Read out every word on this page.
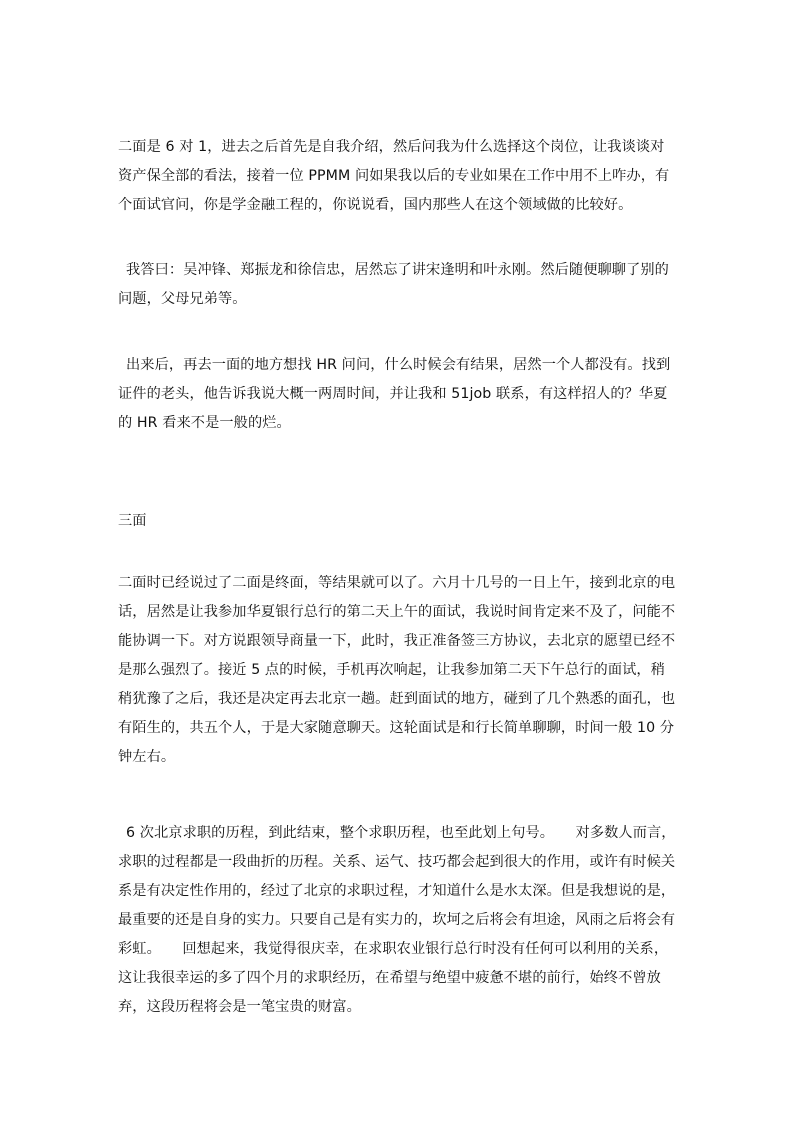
二面是 6 对 1，进去之后首先是自我介绍，然后问我为什么选择这个岗位，让我谈谈对资产保全部的看法，接着一位 PPMM 问如果我以后的专业如果在工作中用不上咋办，有个面试官问，你是学金融工程的，你说说看，国内那些人在这个领域做的比较好。

我答曰：吴冲锋、郑振龙和徐信忠，居然忘了讲宋逢明和叶永刚。然后随便聊聊了别的问题，父母兄弟等。

出来后，再去一面的地方想找 HR 问问，什么时候会有结果，居然一个人都没有。找到证件的老头，他告诉我说大概一两周时间，并让我和 51job 联系，有这样招人的？华夏的 HR 看来不是一般的烂。

三面

二面时已经说过了二面是终面，等结果就可以了。六月十几号的一日上午，接到北京的电话，居然是让我参加华夏银行总行的第二天上午的面试，我说时间肯定来不及了，问能不能协调一下。对方说跟领导商量一下，此时，我正准备签三方协议，去北京的愿望已经不是那么强烈了。接近 5 点的时候，手机再次响起，让我参加第二天下午总行的面试，稍稍犹豫了之后，我还是决定再去北京一趟。赶到面试的地方，碰到了几个熟悉的面孔，也有陌生的，共五个人，于是大家随意聊天。这轮面试是和行长简单聊聊，时间一般 10 分钟左右。

6 次北京求职的历程，到此结束，整个求职历程，也至此划上句号。　　对多数人而言，求职的过程都是一段曲折的历程。关系、运气、技巧都会起到很大的作用，或许有时候关系是有决定性作用的，经过了北京的求职过程，才知道什么是水太深。但是我想说的是，最重要的还是自身的实力。只要自己是有实力的，坎坷之后将会有坦途，风雨之后将会有彩虹。　　回想起来，我觉得很庆幸，在求职农业银行总行时没有任何可以利用的关系，这让我很幸运的多了四个月的求职经历，在希望与绝望中疲惫不堪的前行，始终不曾放弃，这段历程将会是一笔宝贵的财富。
